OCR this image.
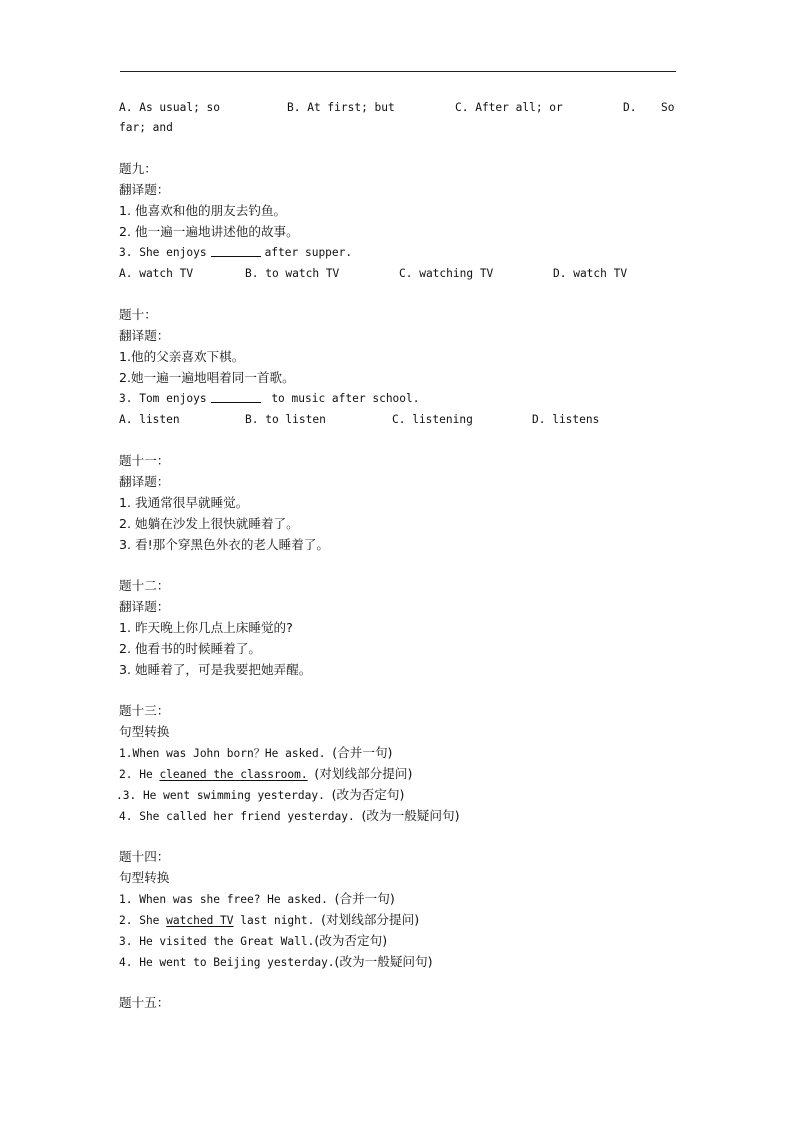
A. As usual; so	B. At first; but	C. After all; or	D. So
far; and
题九：
翻译题：
1. 他喜欢和他的朋友去钓鱼。
2. 他一遍一遍地讲述他的故事。
3. She enjoys	after supper.
A. watch TV	B. to watch TV	C. watching TV	D. watch TV
题十：
翻译题：
1.他的父亲喜欢下棋。
2.她一遍一遍地唱着同一首歌。
3. Tom enjoys	to music after school.
A. listen	B. to listen	C. listening	D. listens
题十一：
翻译题：
1. 我通常很早就睡觉。
2. 她躺在沙发上很快就睡着了。
3. 看!那个穿黑色外衣的老人睡着了。
题十二：
翻译题：
1. 昨天晚上你几点上床睡觉的?
2. 他看书的时候睡着了。
3. 她睡着了，可是我要把她弄醒。
题十三：
句型转换
1.When was John born？He asked. (合并一句)
2. He cleaned the classroom. (对划线部分提问)
.3. He went swimming yesterday. (改为否定句)
4. She called her friend yesterday. (改为一般疑问句)
题十四：
句型转换
1. When was she free? He asked. (合并一句)
2. She watched TV last night. (对划线部分提问)
3. He visited the Great Wall.(改为否定句)
4. He went to Beijing yesterday.(改为一般疑问句)
题十五：
